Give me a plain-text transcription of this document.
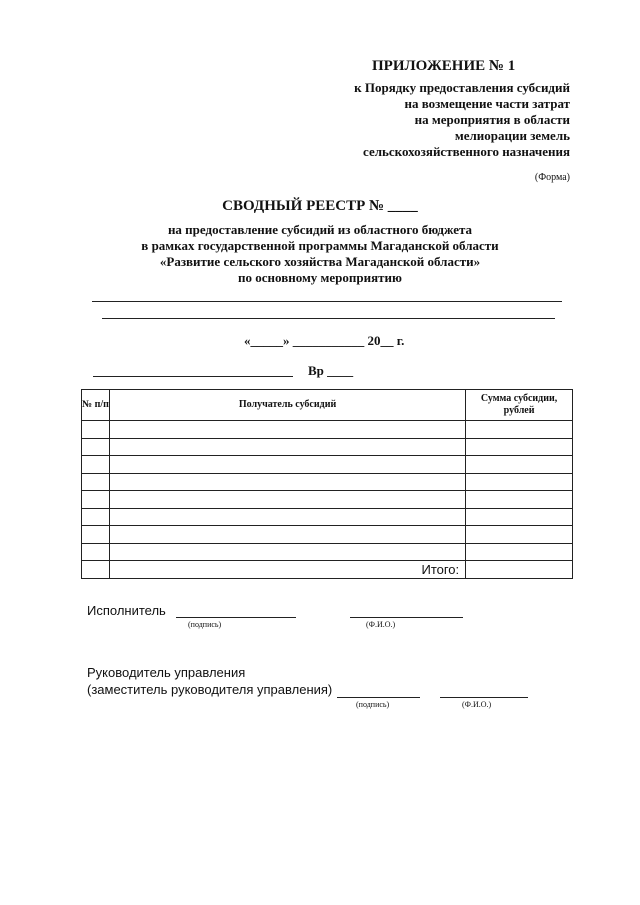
ПРИЛОЖЕНИЕ № 1
к Порядку предоставления субсидий
на возмещение части затрат
на мероприятия в области
мелиорации земель
сельскохозяйственного назначения
(Форма)
СВОДНЫЙ РЕЕСТР № ____
на предоставление субсидий из областного бюджета
в рамках государственной программы Магаданской области
«Развитие сельского хозяйства Магаданской области»
по основному мероприятию
«_____» ___________ 20__ г.
Вр ____
№ п/п	Получатель субсидий	Сумма субсидии, рублей

	Итого:	
Исполнитель
(подпись)	(Ф.И.О.)
Руководитель управления
(заместитель руководителя управления)
(подпись)	(Ф.И.О.)
